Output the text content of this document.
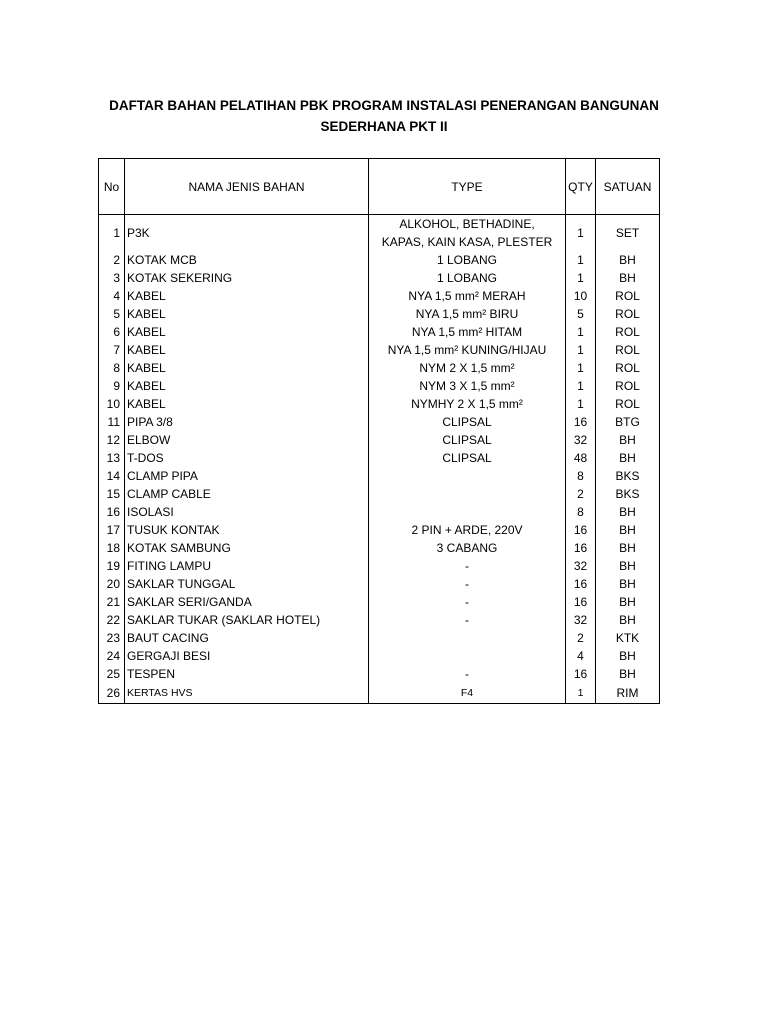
DAFTAR BAHAN PELATIHAN PBK PROGRAM INSTALASI PENERANGAN BANGUNAN
SEDERHANA PKT II
No	NAMA JENIS BAHAN	TYPE	QTY	SATUAN
1	P3K	ALKOHOL, BETHADINE, KAPAS, KAIN KASA, PLESTER	1	SET
2	KOTAK MCB	1 LOBANG	1	BH
3	KOTAK SEKERING	1 LOBANG	1	BH
4	KABEL	NYA 1,5 mm² MERAH	10	ROL
5	KABEL	NYA 1,5 mm² BIRU	5	ROL
6	KABEL	NYA 1,5 mm² HITAM	1	ROL
7	KABEL	NYA 1,5 mm² KUNING/HIJAU	1	ROL
8	KABEL	NYM 2 X 1,5 mm²	1	ROL
9	KABEL	NYM 3 X 1,5 mm²	1	ROL
10	KABEL	NYMHY 2 X 1,5 mm²	1	ROL
11	PIPA 3/8	CLIPSAL	16	BTG
12	ELBOW	CLIPSAL	32	BH
13	T-DOS	CLIPSAL	48	BH
14	CLAMP PIPA		8	BKS
15	CLAMP CABLE		2	BKS
16	ISOLASI		8	BH
17	TUSUK KONTAK	2 PIN + ARDE, 220V	16	BH
18	KOTAK SAMBUNG	3 CABANG	16	BH
19	FITING LAMPU	-	32	BH
20	SAKLAR TUNGGAL	-	16	BH
21	SAKLAR SERI/GANDA	-	16	BH
22	SAKLAR TUKAR (SAKLAR HOTEL)	-	32	BH
23	BAUT CACING		2	KTK
24	GERGAJI BESI		4	BH
25	TESPEN	-	16	BH
26	KERTAS HVS	F4	1	RIM
